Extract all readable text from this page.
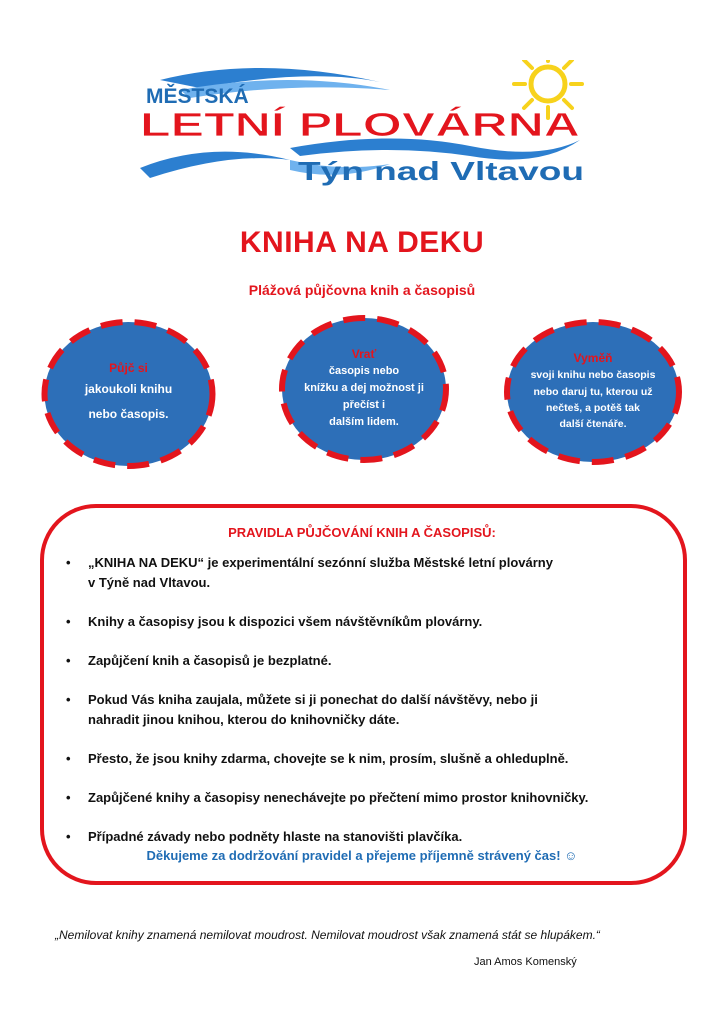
MĚSTSKÁ
LETNÍ PLOVÁRNA
Týn nad Vltavou
KNIHA NA DEKU
Plážová půjčovna knih a časopisů
Půjč si
jakoukoli knihu
nebo časopis.
Vrať
časopis nebo
knížku a dej možnost ji
přečíst i
dalším lidem.
Vyměň
svoji knihu nebo časopis
nebo daruj tu, kterou už
nečteš, a potěš tak
další čtenáře.
PRAVIDLA PŮJČOVÁNÍ KNIH A ČASOPISŮ:
• „KNIHA NA DEKU“ je experimentální sezónní služba Městské letní plovárny
v Týně nad Vltavou.
• Knihy a časopisy jsou k dispozici všem návštěvníkům plovárny.
• Zapůjčení knih a časopisů je bezplatné.
• Pokud Vás kniha zaujala, můžete si ji ponechat do další návštěvy, nebo ji
nahradit jinou knihou, kterou do knihovničky dáte.
• Přesto, že jsou knihy zdarma, chovejte se k nim, prosím, slušně a ohleduplně.
• Zapůjčené knihy a časopisy nenechávejte po přečtení mimo prostor knihovničky.
• Případné závady nebo podněty hlaste na stanovišti plavčíka.
Děkujeme za dodržování pravidel a přejeme příjemně strávený čas! ☺
„Nemilovat knihy znamená nemilovat moudrost. Nemilovat moudrost však znamená stát se hlupákem.“
Jan Amos Komenský
